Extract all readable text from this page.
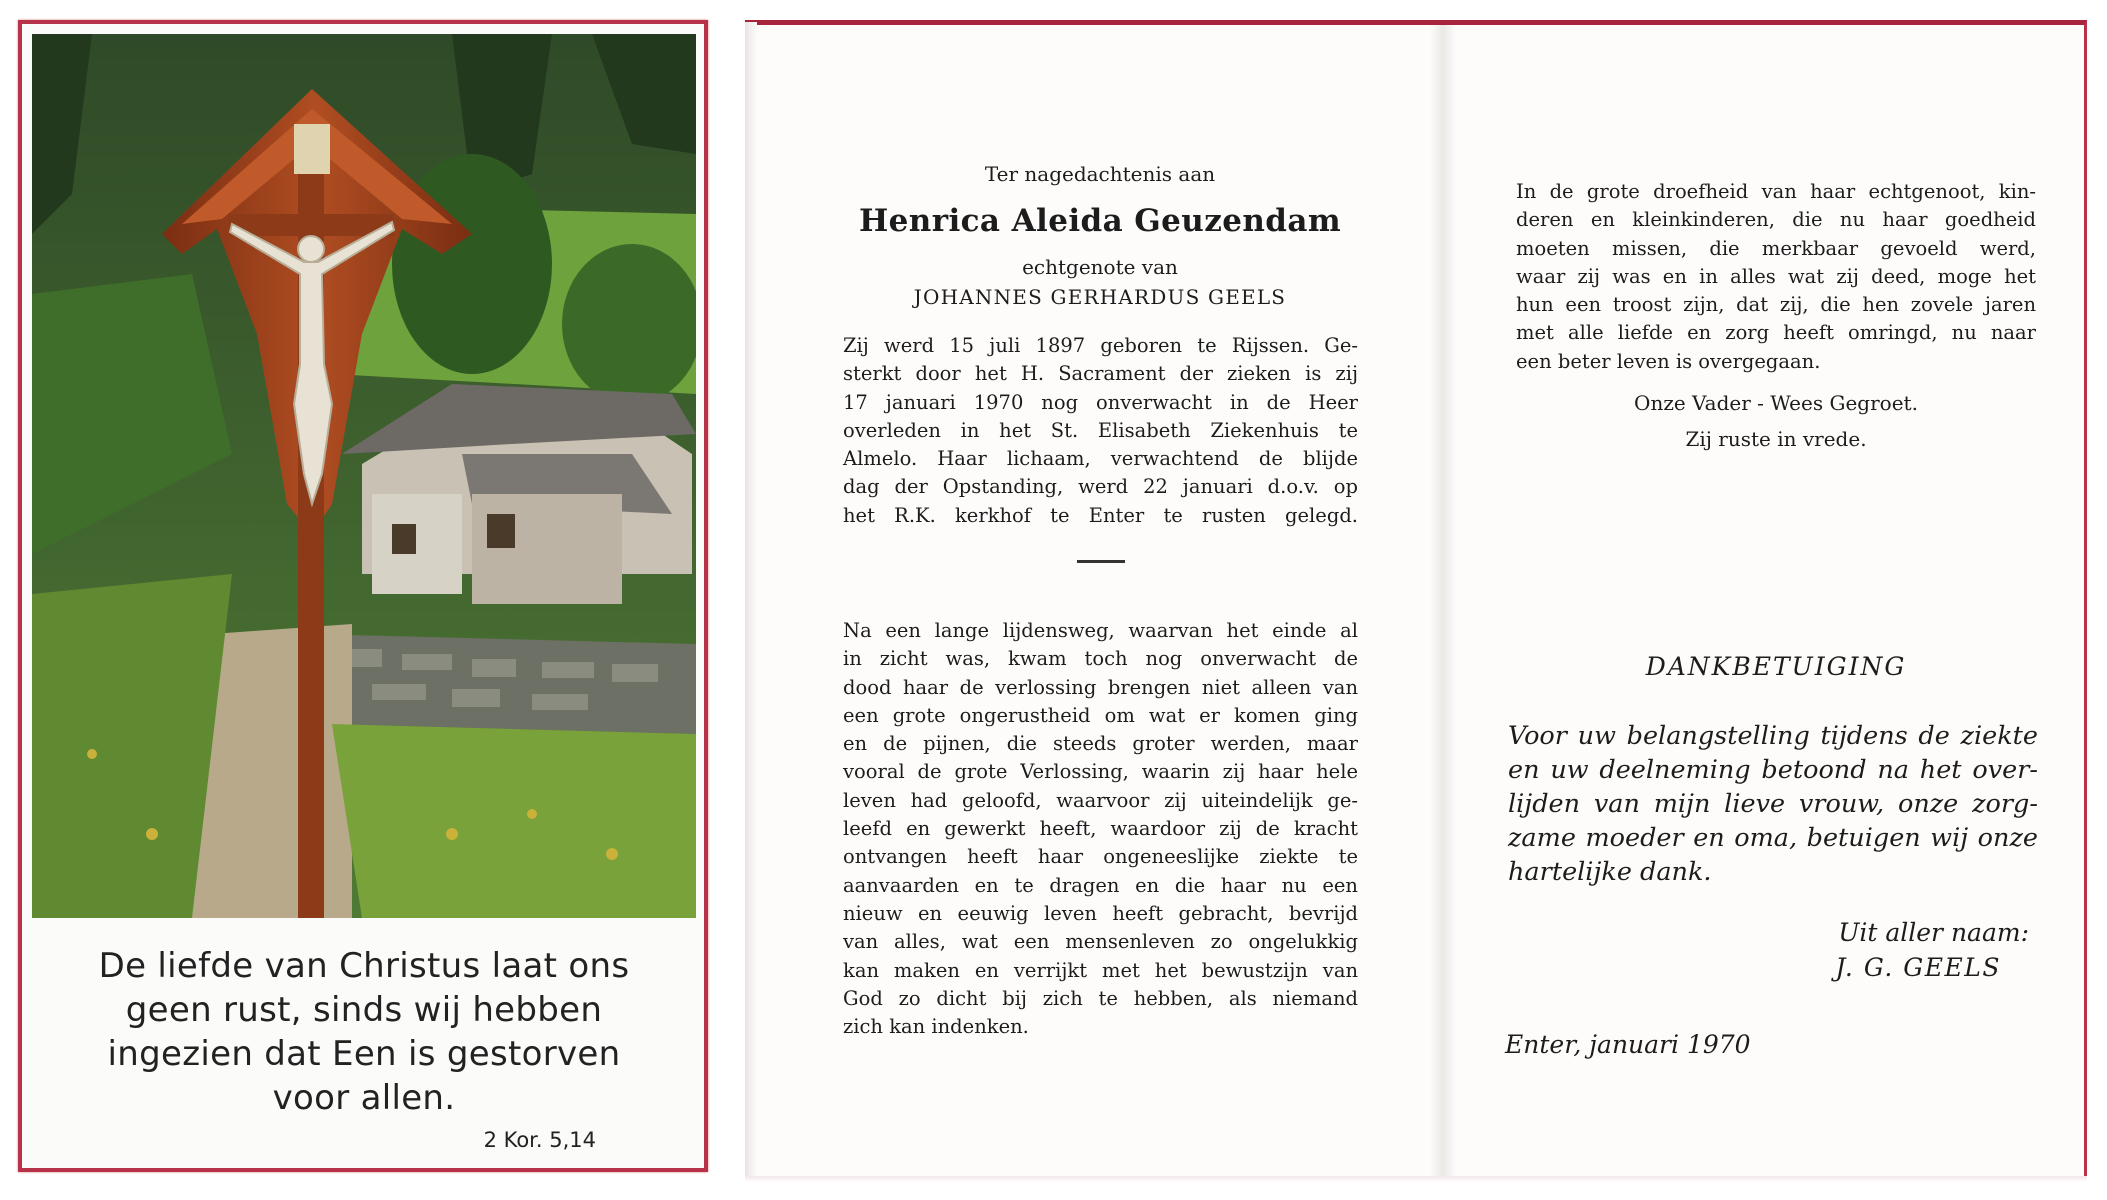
De liefde van Christus laat ons
geen rust, sinds wij hebben
ingezien dat Een is gestorven
voor allen.
2 Kor. 5,14
Ter nagedachtenis aan
Henrica Aleida Geuzendam
echtgenote van
JOHANNES GERHARDUS GEELS
Zij werd 15 juli 1897 geboren te Rijssen. Ge-
sterkt door het H. Sacrament der zieken is zij
17 januari 1970 nog onverwacht in de Heer
overleden in het St. Elisabeth Ziekenhuis te
Almelo. Haar lichaam, verwachtend de blijde
dag der Opstanding, werd 22 januari d.o.v. op
het R.K. kerkhof te Enter te rusten gelegd.
Na een lange lijdensweg, waarvan het einde al
in zicht was, kwam toch nog onverwacht de
dood haar de verlossing brengen niet alleen van
een grote ongerustheid om wat er komen ging
en de pijnen, die steeds groter werden, maar
vooral de grote Verlossing, waarin zij haar hele
leven had geloofd, waarvoor zij uiteindelijk ge-
leefd en gewerkt heeft, waardoor zij de kracht
ontvangen heeft haar ongeneeslijke ziekte te
aanvaarden en te dragen en die haar nu een
nieuw en eeuwig leven heeft gebracht, bevrijd
van alles, wat een mensenleven zo ongelukkig
kan maken en verrijkt met het bewustzijn van
God zo dicht bij zich te hebben, als niemand
zich kan indenken.
In de grote droefheid van haar echtgenoot, kin-
deren en kleinkinderen, die nu haar goedheid
moeten missen, die merkbaar gevoeld werd,
waar zij was en in alles wat zij deed, moge het
hun een troost zijn, dat zij, die hen zovele jaren
met alle liefde en zorg heeft omringd, nu naar
een beter leven is overgegaan.
Onze Vader - Wees Gegroet.
Zij ruste in vrede.
DANKBETUIGING
Voor uw belangstelling tijdens de ziekte
en uw deelneming betoond na het over-
lijden van mijn lieve vrouw, onze zorg-
zame moeder en oma, betuigen wij onze
hartelijke dank.
Uit aller naam:
J. G. GEELS
Enter, januari 1970
